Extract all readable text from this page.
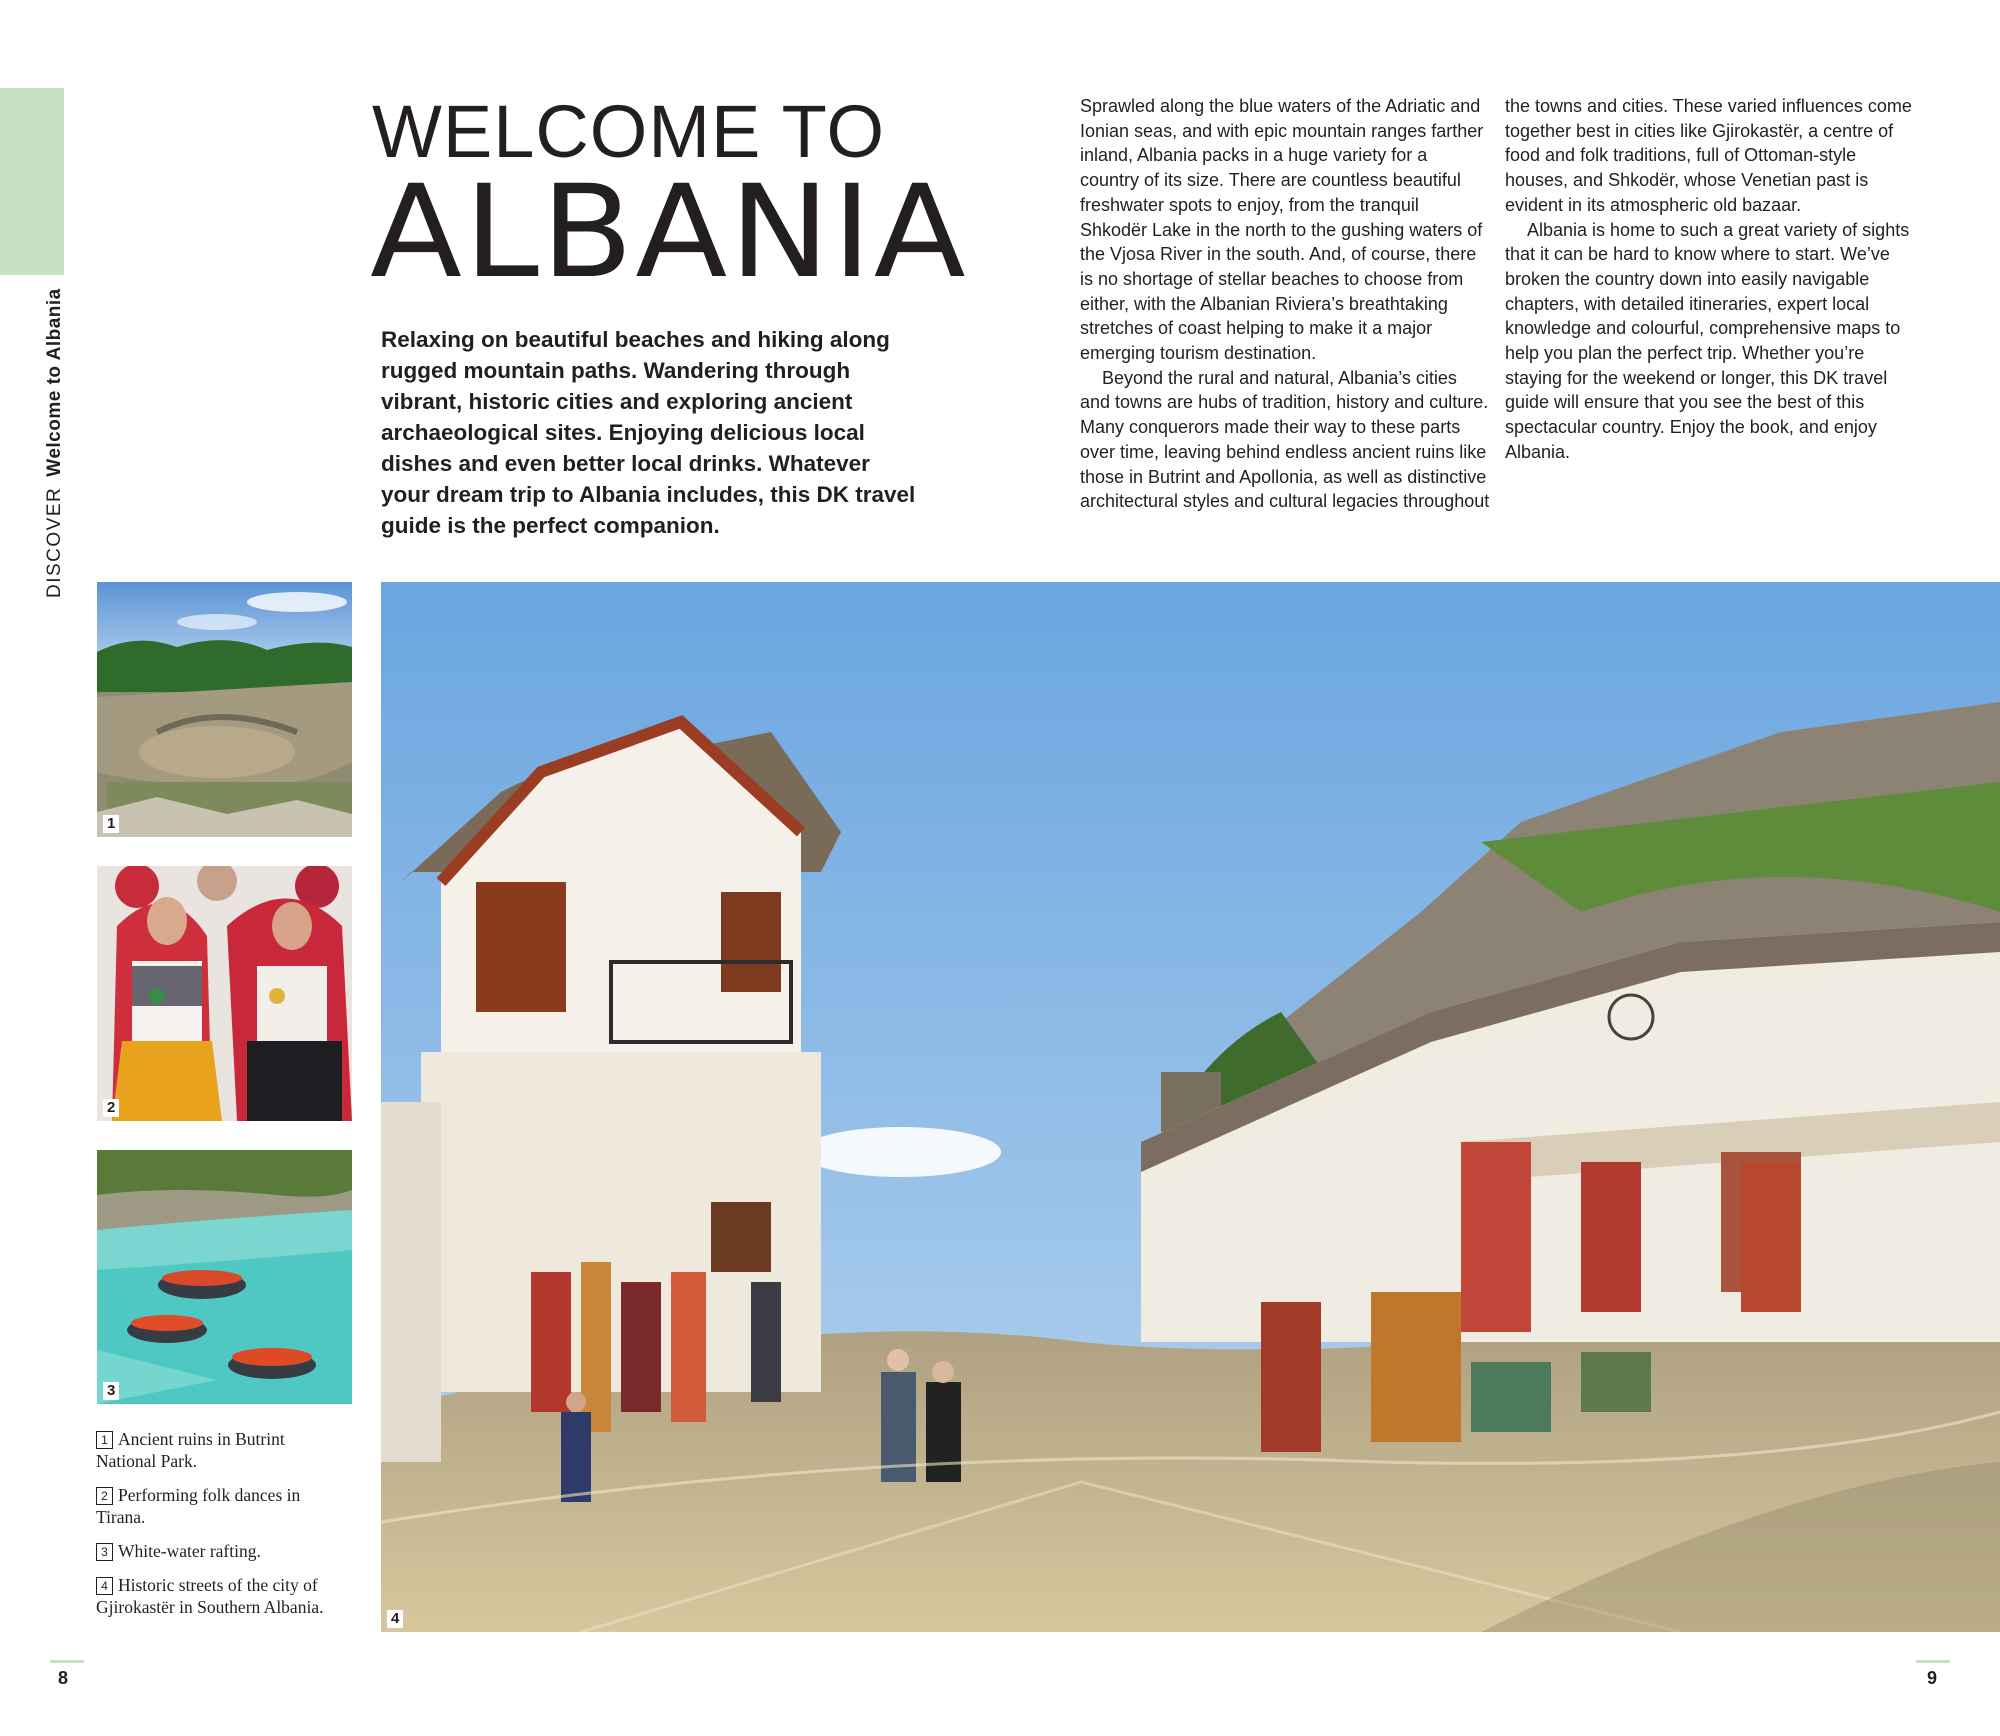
DISCOVERWelcome to Albania
WELCOME TO
ALBANIA
Relaxing on beautiful beaches and hiking along rugged mountain paths. Wandering through vibrant, historic cities and exploring ancient archaeological sites. Enjoying delicious local dishes and even better local drinks. Whatever your dream trip to Albania includes, this DK travel guide is the perfect companion.

Sprawled along the blue waters of the Adriatic and Ionian seas, and with epic mountain ranges farther inland, Albania packs in a huge variety for a country of its size. There are countless beautiful freshwater spots to enjoy, from the tranquil Shkodër Lake in the north to the gushing waters of the Vjosa River in the south. And, of course, there is no shortage of stellar beaches to choose from either, with the Albanian Riviera’s breathtaking stretches of coast helping to make it a major emerging tourism destination.

Beyond the rural and natural, Albania’s cities and towns are hubs of tradition, history and culture. Many conquerors made their way to these parts over time, leaving behind endless ancient ruins like those in Butrint and Apollonia, as well as distinctive architectural styles and cultural legacies throughout the towns and cities. These varied influences come together best in cities like Gjirokastër, a centre of food and folk traditions, full of Ottoman-style houses, and Shkodër, whose Venetian past is evident in its atmospheric old bazaar.

Albania is home to such a great variety of sights that it can be hard to know where to start. We’ve broken the country down into easily navigable chapters, with detailed itineraries, expert local knowledge and colourful, comprehensive maps to help you plan the perfect trip. Whether you’re staying for the weekend or longer, this DK travel guide will ensure that you see the best of this spectacular country. Enjoy the book, and enjoy Albania.

1
2
3
1 Ancient ruins in Butrint National Park.
2 Performing folk dances in Tirana.
3 White-water rafting.
4 Historic streets of the city of Gjirokastër in Southern Albania.
4
8	9
